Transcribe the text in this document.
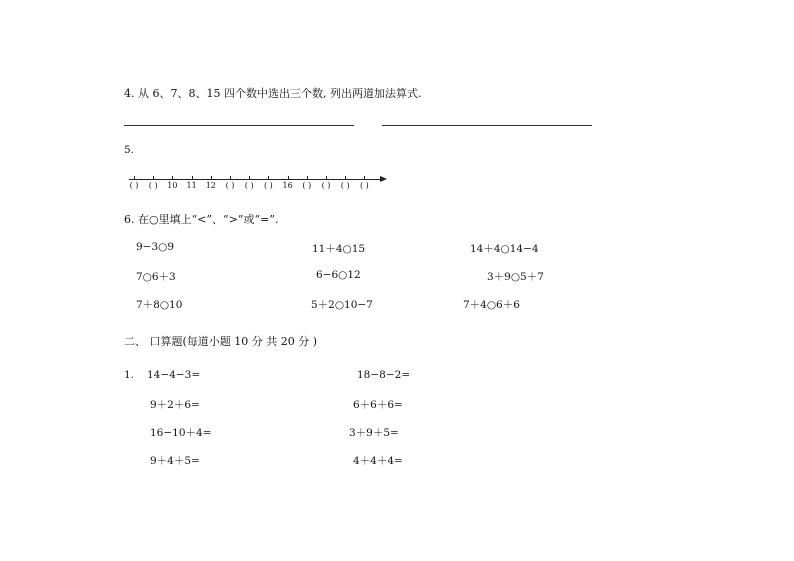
4. 从 6、7、8、15 四个数中选出三个数, 列出两道加法算式.
5.
( ) ( ) 10 11 12 ( ) ( ) ( ) 16 ( ) ( ) ( ) ( )
6. 在○里填上“<”、“>”或“=”.
9−3○9	11＋4○15	14＋4○14−4
7○6＋3	6−6○12	3＋9○5＋7
7＋8○10	5＋2○10−7	7＋4○6＋6
二、 口算题(每道小题 10 分 共 20 分 )
1. 14−4−3=	18−8−2=
9＋2＋6=	6＋6＋6=
16−10＋4=	3＋9＋5=
9＋4＋5=	4＋4＋4=
